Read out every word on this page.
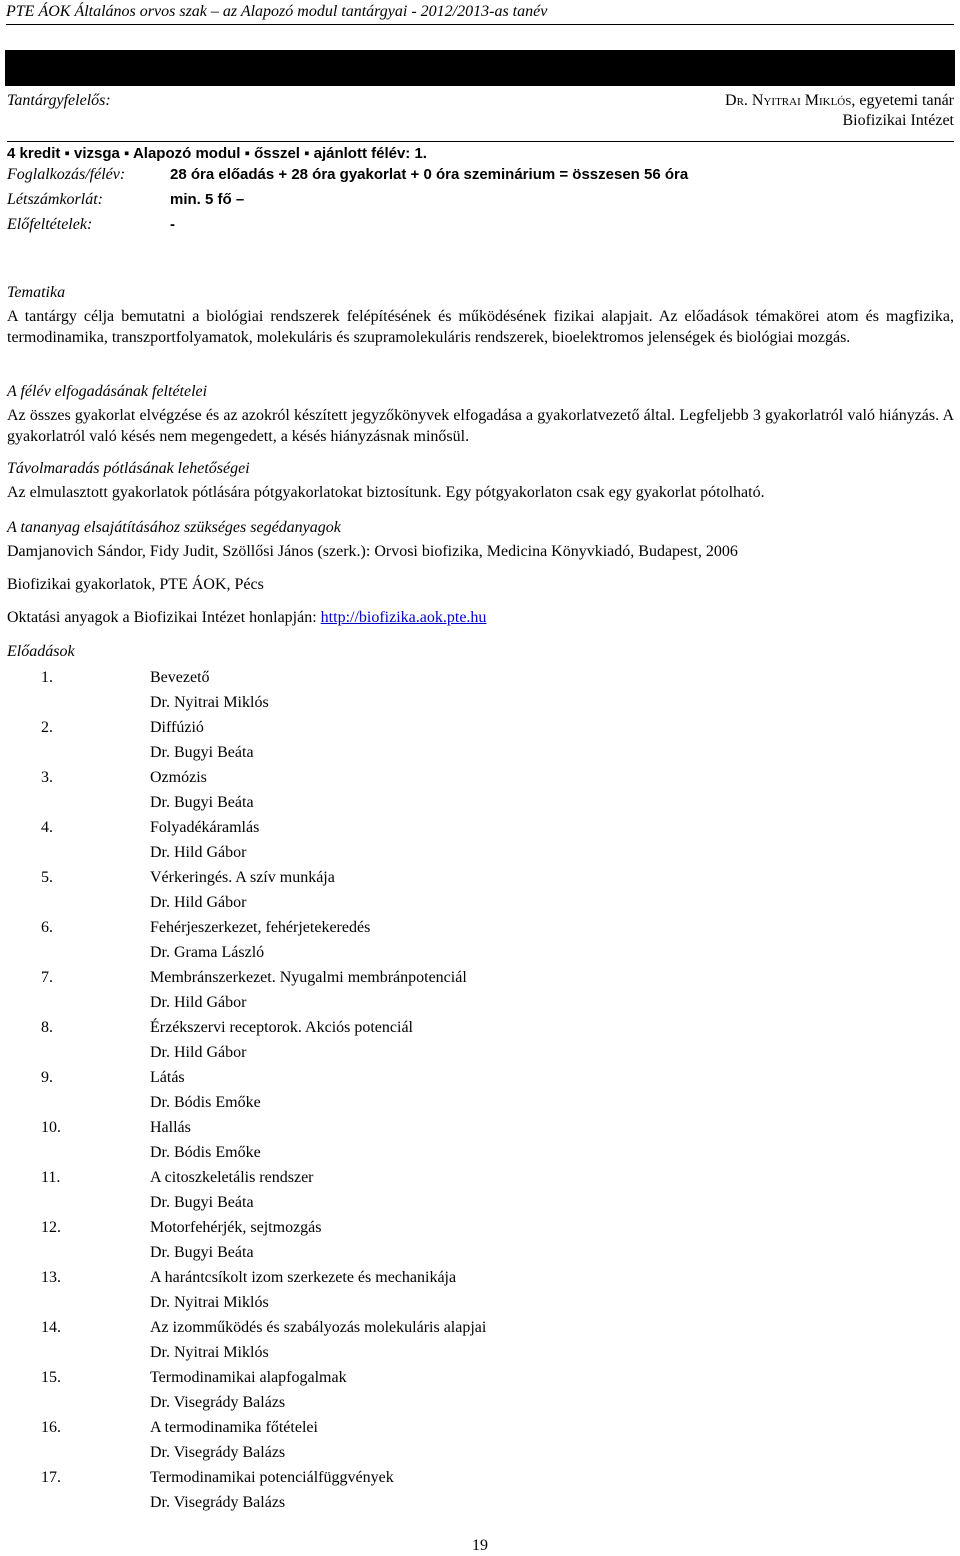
PTE ÁOK Általános orvos szak – az Alapozó modul tantárgyai - 2012/2013-as tanév
OOABI1	Biofizika 1.
Tantárgyfelelős:	Dr. Nyitrai Miklós, egyetemi tanár
Biofizikai Intézet
4 kredit ▪ vizsga ▪ Alapozó modul ▪ ősszel ▪ ajánlott félév: 1.
Foglalkozás/félév:	28 óra előadás + 28 óra gyakorlat + 0 óra szeminárium = összesen 56 óra
Létszámkorlát:	min. 5 fő –
Előfeltételek:	-
Tematika
A tantárgy célja bemutatni a biológiai rendszerek felépítésének és működésének fizikai alapjait. Az előadások témakörei atom és magfizika, termodinamika, transzportfolyamatok, molekuláris és szupramolekuláris rendszerek, bioelektromos jelenségek és biológiai mozgás.
A félév elfogadásának feltételei
Az összes gyakorlat elvégzése és az azokról készített jegyzőkönyvek elfogadása a gyakorlatvezető által. Legfeljebb 3 gyakorlatról való hiányzás. A gyakorlatról való késés nem megengedett, a késés hiányzásnak minősül.
Távolmaradás pótlásának lehetőségei
Az elmulasztott gyakorlatok pótlására pótgyakorlatokat biztosítunk. Egy pótgyakorlaton csak egy gyakorlat pótolható.
A tananyag elsajátításához szükséges segédanyagok
Damjanovich Sándor, Fidy Judit, Szöllősi János (szerk.): Orvosi biofizika, Medicina Könyvkiadó, Budapest, 2006
Biofizikai gyakorlatok, PTE ÁOK, Pécs
Oktatási anyagok a Biofizikai Intézet honlapján: http://biofizika.aok.pte.hu
Előadások
1.	Bevezető
Dr. Nyitrai Miklós
2.	Diffúzió
Dr. Bugyi Beáta
3.	Ozmózis
Dr. Bugyi Beáta
4.	Folyadékáramlás
Dr. Hild Gábor
5.	Vérkeringés. A szív munkája
Dr. Hild Gábor
6.	Fehérjeszerkezet, fehérjetekeredés
Dr. Grama László
7.	Membránszerkezet. Nyugalmi membránpotenciál
Dr. Hild Gábor
8.	Érzékszervi receptorok. Akciós potenciál
Dr. Hild Gábor
9.	Látás
Dr. Bódis Emőke
10.	Hallás
Dr. Bódis Emőke
11.	A citoszkeletális rendszer
Dr. Bugyi Beáta
12.	Motorfehérjék, sejtmozgás
Dr. Bugyi Beáta
13.	A harántcsíkolt izom szerkezete és mechanikája
Dr. Nyitrai Miklós
14.	Az izomműködés és szabályozás molekuláris alapjai
Dr. Nyitrai Miklós
15.	Termodinamikai alapfogalmak
Dr. Visegrády Balázs
16.	A termodinamika főtételei
Dr. Visegrády Balázs
17.	Termodinamikai potenciálfüggvények
Dr. Visegrády Balázs
19
